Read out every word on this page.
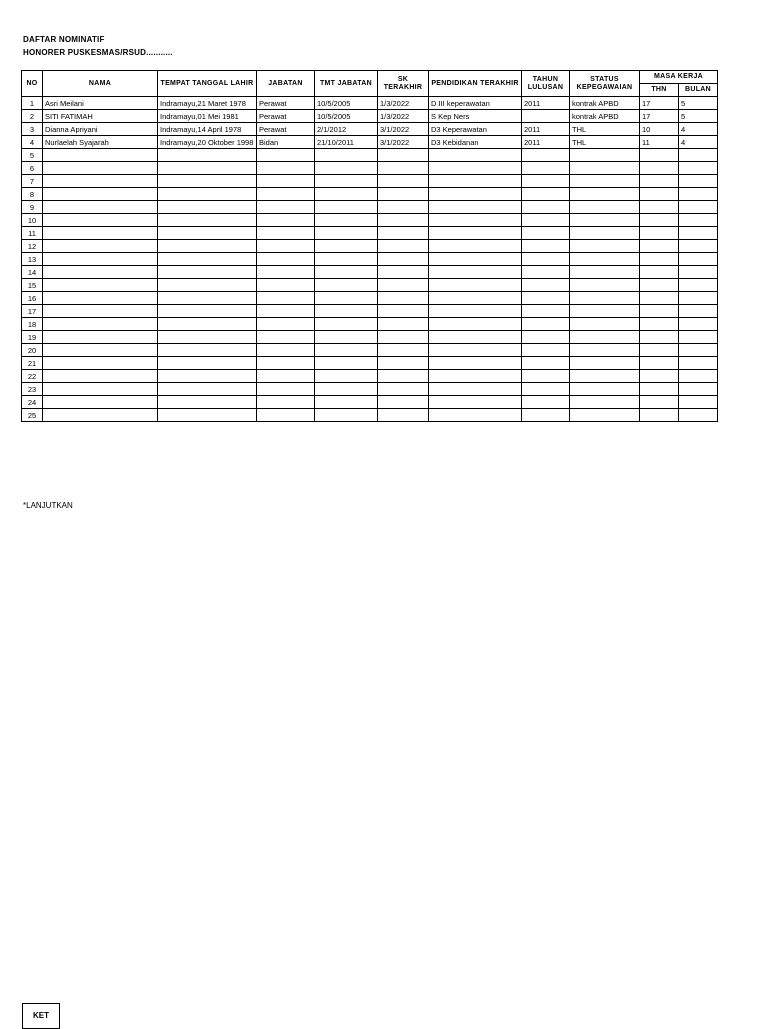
DAFTAR NOMINATIF
HONORER PUSKESMAS/RSUD...........
NO	NAMA	TEMPAT TANGGAL LAHIR	JABATAN	TMT JABATAN	SK TERAKHIR	PENDIDIKAN TERAKHIR	TAHUN LULUSAN	STATUS KEPEGAWAIAN	MASA KERJA	
									THN	BULAN
1	Asri Meilani	Indramayu,21 Maret 1978	Perawat	10/5/2005	1/3/2022	D III keperawatan	2011	kontrak APBD	17	5
2	SITI FATIMAH	Indramayu,01 Mei 1981	Perawat	10/5/2005	1/3/2022	S Kep Ners		kontrak APBD	17	5
3	Dianna Apriyani	Indramayu,14 April 1978	Perawat	2/1/2012	3/1/2022	D3 Keperawatan	2011	THL	10	4
4	Nurlaelah Syajarah	Indramayu,20 Oktober 1998	Bidan	21/10/2011	3/1/2022	D3 Kebidanan	2011	THL	11	4
5										
6										
7										
8										
9										
10										
11										
12										
13										
14										
15										
16										
17										
18										
19										
20										
21										
22										
23										
24										
25										
*LANJUTKAN
KET
